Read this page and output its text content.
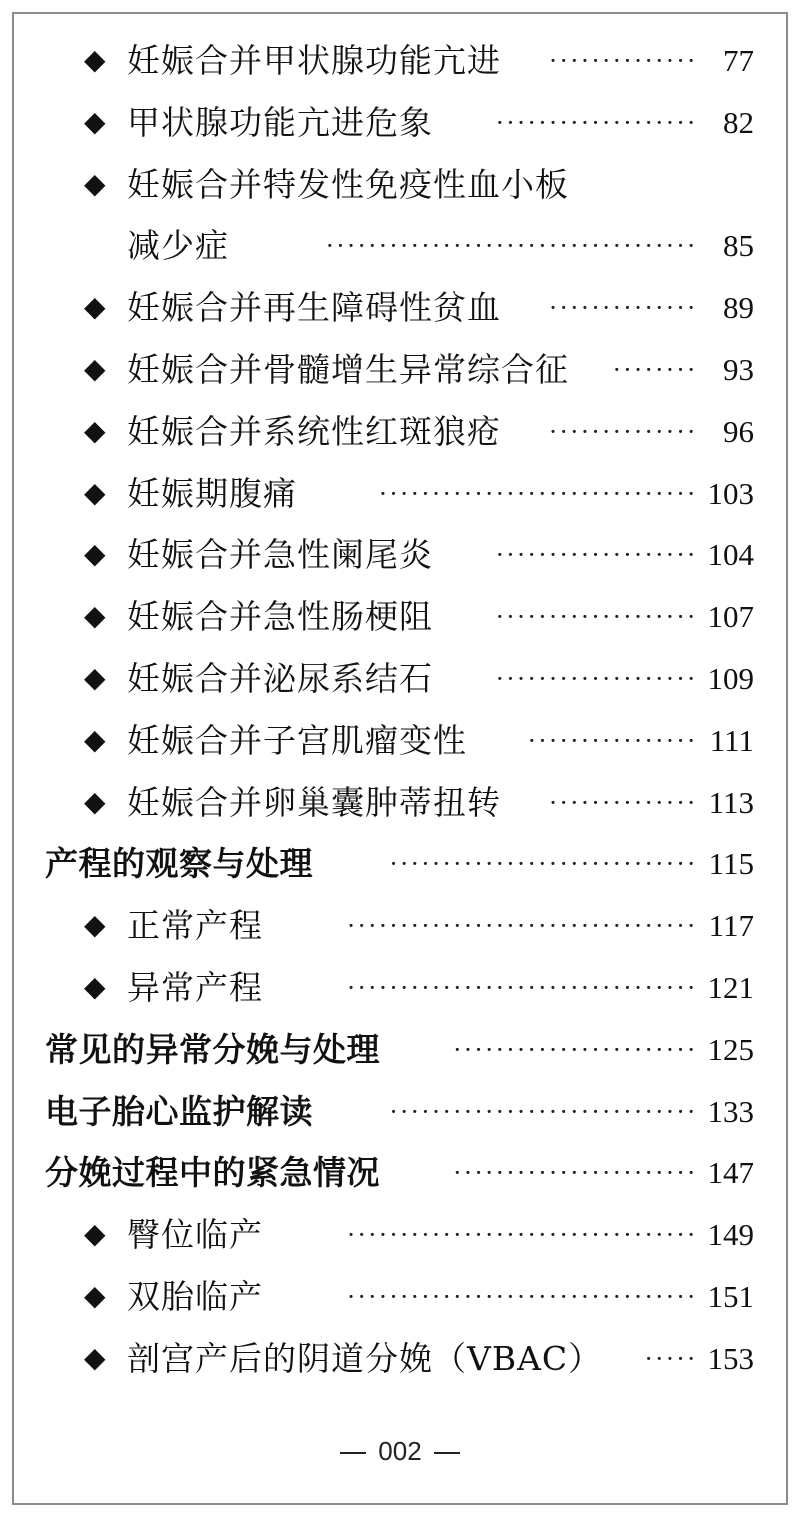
◆ 妊娠合并甲状腺功能亢进	·············· 77
◆ 甲状腺功能亢进危象	··················· 82
◆ 妊娠合并特发性免疫性血小板
减少症	··································· 85
◆ 妊娠合并再生障碍性贫血	·············· 89
◆ 妊娠合并骨髓增生异常综合征	········ 93
◆ 妊娠合并系统性红斑狼疮	·············· 96
◆ 妊娠期腹痛	······························ 103
◆ 妊娠合并急性阑尾炎	··················· 104
◆ 妊娠合并急性肠梗阻	··················· 107
◆ 妊娠合并泌尿系结石	··················· 109
◆ 妊娠合并子宫肌瘤变性	················ 111
◆ 妊娠合并卵巢囊肿蒂扭转	·············· 113
产程的观察与处理	····························· 115
◆ 正常产程	································· 117
◆ 异常产程	································· 121
常见的异常分娩与处理	······················· 125
电子胎心监护解读	····························· 133
分娩过程中的紧急情况	······················· 147
◆ 臀位临产	································· 149
◆ 双胎临产	································· 151
◆ 剖宫产后的阴道分娩（VBAC）	····· 153
002
